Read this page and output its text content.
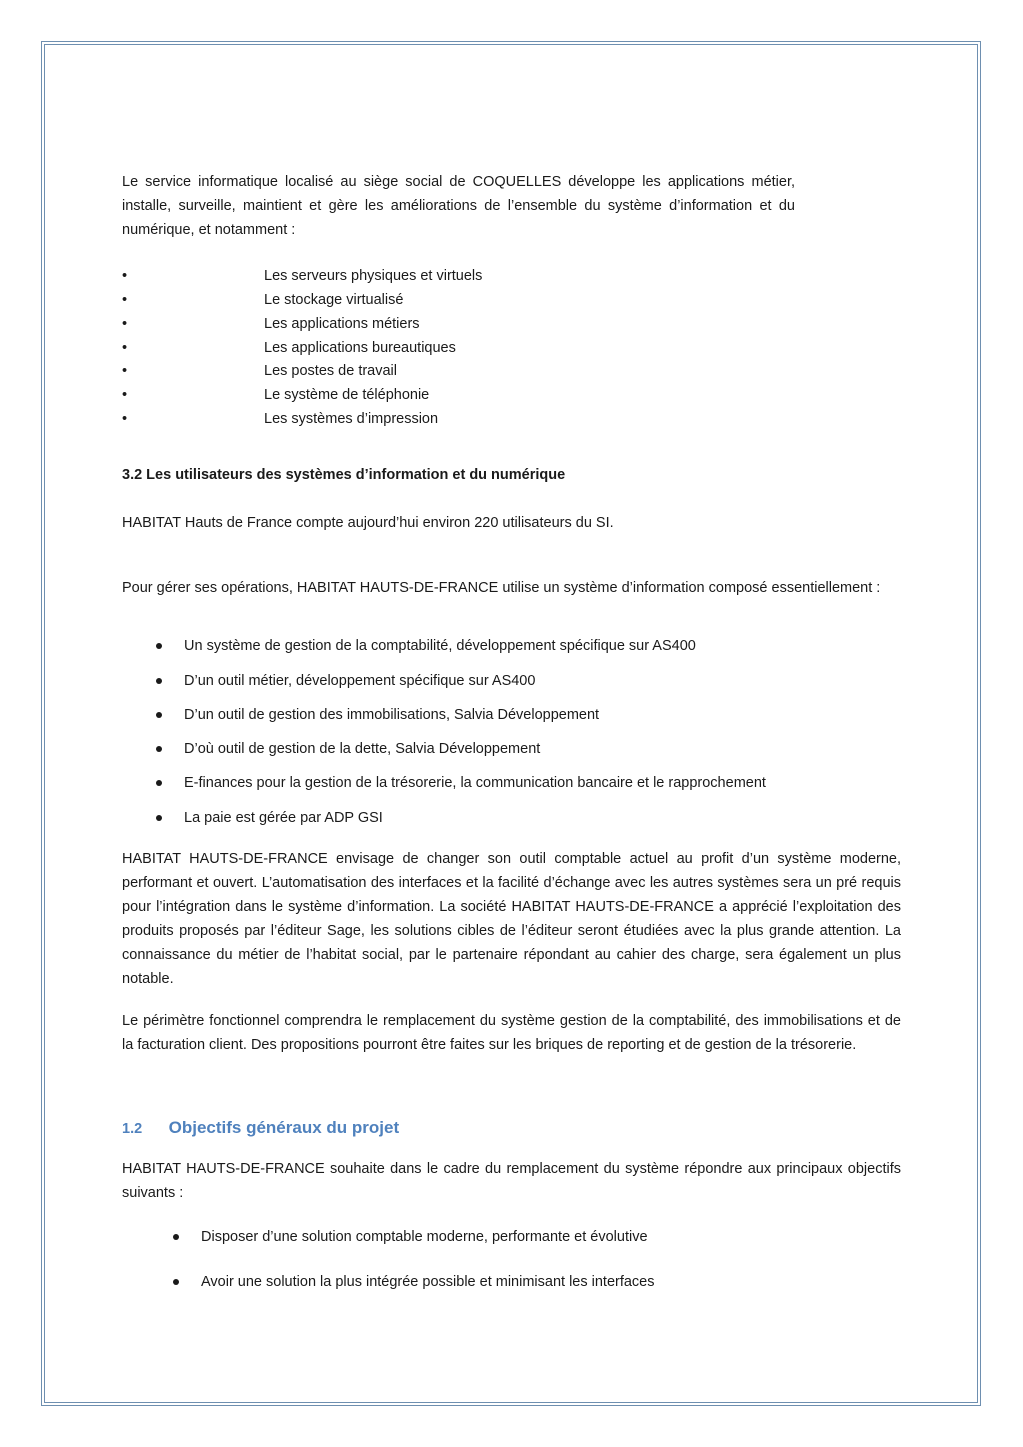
Le service informatique localisé au siège social de COQUELLES développe les applications métier, installe, surveille, maintient et gère les améliorations de l’ensemble du système d’information et du numérique, et notamment :

•	Les serveurs physiques et virtuels
•	Le stockage virtualisé
•	Les applications métiers
•	Les applications bureautiques
•	Les postes de travail
•	Le système de téléphonie
•	Les systèmes d’impression
3.2 Les utilisateurs des systèmes d’information et du numérique

HABITAT Hauts de France compte aujourd’hui environ 220 utilisateurs du SI.

Pour gérer ses opérations, HABITAT HAUTS-DE-FRANCE utilise un système d’information composé essentiellement :

Un système de gestion de la comptabilité, développement spécifique sur AS400
D’un outil métier, développement spécifique sur AS400
D’un outil de gestion des immobilisations, Salvia Développement
D’où outil de gestion de la dette, Salvia Développement
E-finances pour la gestion de la trésorerie, la communication bancaire et le rapprochement
La paie est gérée par ADP GSI

HABITAT HAUTS-DE-FRANCE envisage de changer son outil comptable actuel au profit d’un système moderne, performant et ouvert. L’automatisation des interfaces et la facilité d’échange avec les autres systèmes sera un pré requis pour l’intégration dans le système d’information. La société HABITAT HAUTS-DE-FRANCE a apprécié l’exploitation des produits proposés par l’éditeur Sage, les solutions cibles de l’éditeur seront étudiées avec la plus grande attention. La connaissance du métier de l’habitat social, par le partenaire répondant au cahier des charge, sera également un plus notable.

Le périmètre fonctionnel comprendra le remplacement du système gestion de la comptabilité, des immobilisations et de la facturation client. Des propositions pourront être faites sur les briques de reporting et de gestion de la trésorerie.

1.2 Objectifs généraux du projet

HABITAT HAUTS-DE-FRANCE souhaite dans le cadre du remplacement du système répondre aux principaux objectifs suivants :

Disposer d’une solution comptable moderne, performante et évolutive
Avoir une solution la plus intégrée possible et minimisant les interfaces
